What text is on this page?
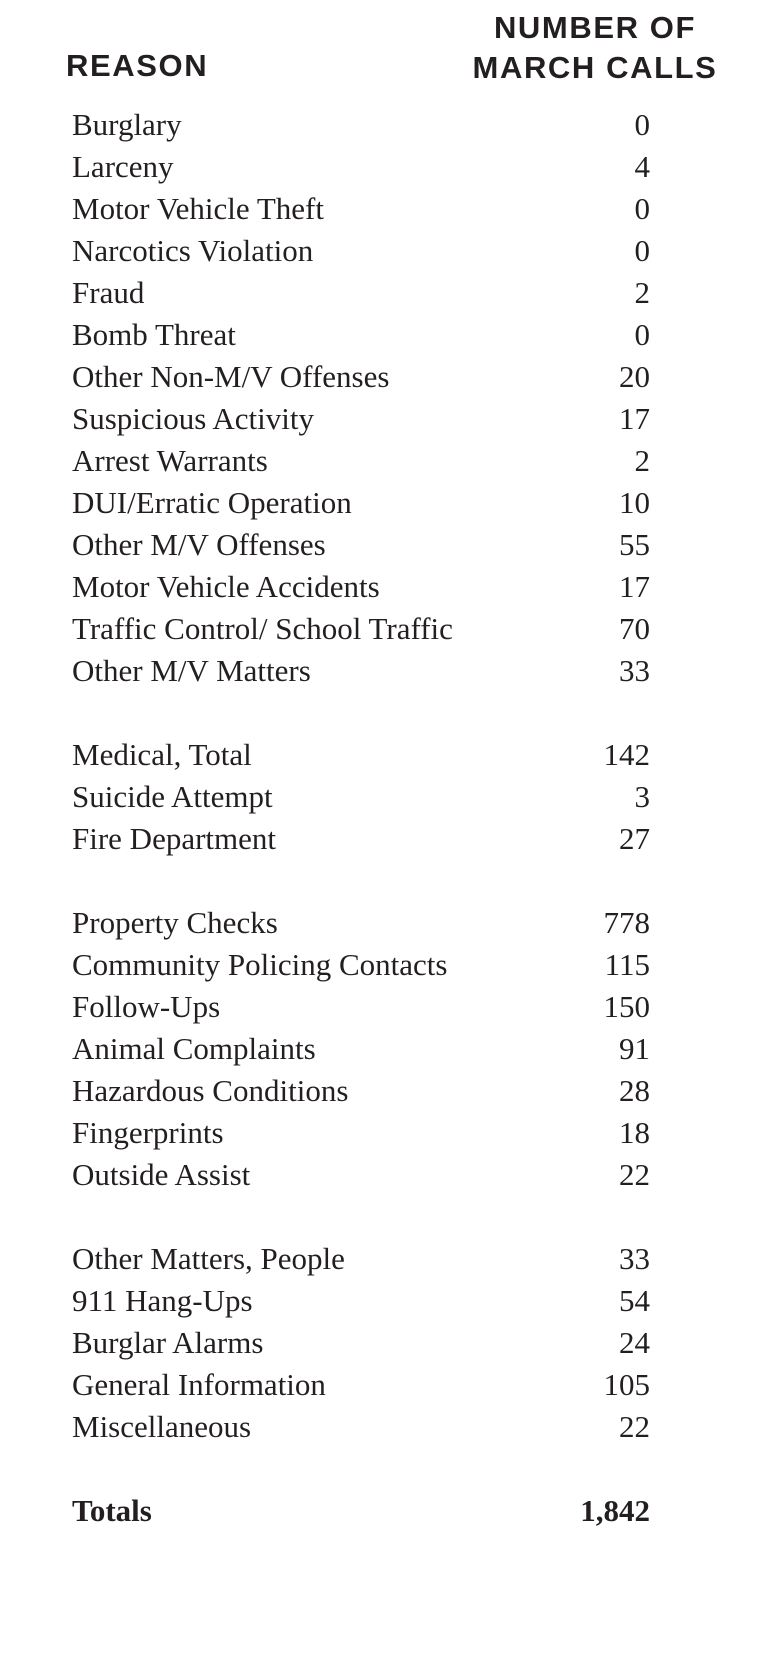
REASON
NUMBER OF
MARCH CALLS
Burglary	0
Larceny	4
Motor Vehicle Theft	0
Narcotics Violation	0
Fraud	2
Bomb Threat	0
Other Non-M/V Offenses	20
Suspicious Activity	17
Arrest Warrants	2
DUI/Erratic Operation	10
Other M/V Offenses	55
Motor Vehicle Accidents	17
Traffic Control/ School Traffic	70
Other M/V Matters	33
Medical, Total	142
Suicide Attempt	3
Fire Department	27
Property Checks	778
Community Policing Contacts	115
Follow-Ups	150
Animal Complaints	91
Hazardous Conditions	28
Fingerprints	18
Outside Assist	22
Other Matters, People	33
911 Hang-Ups	54
Burglar Alarms	24
General Information	105
Miscellaneous	22
Totals	1,842
